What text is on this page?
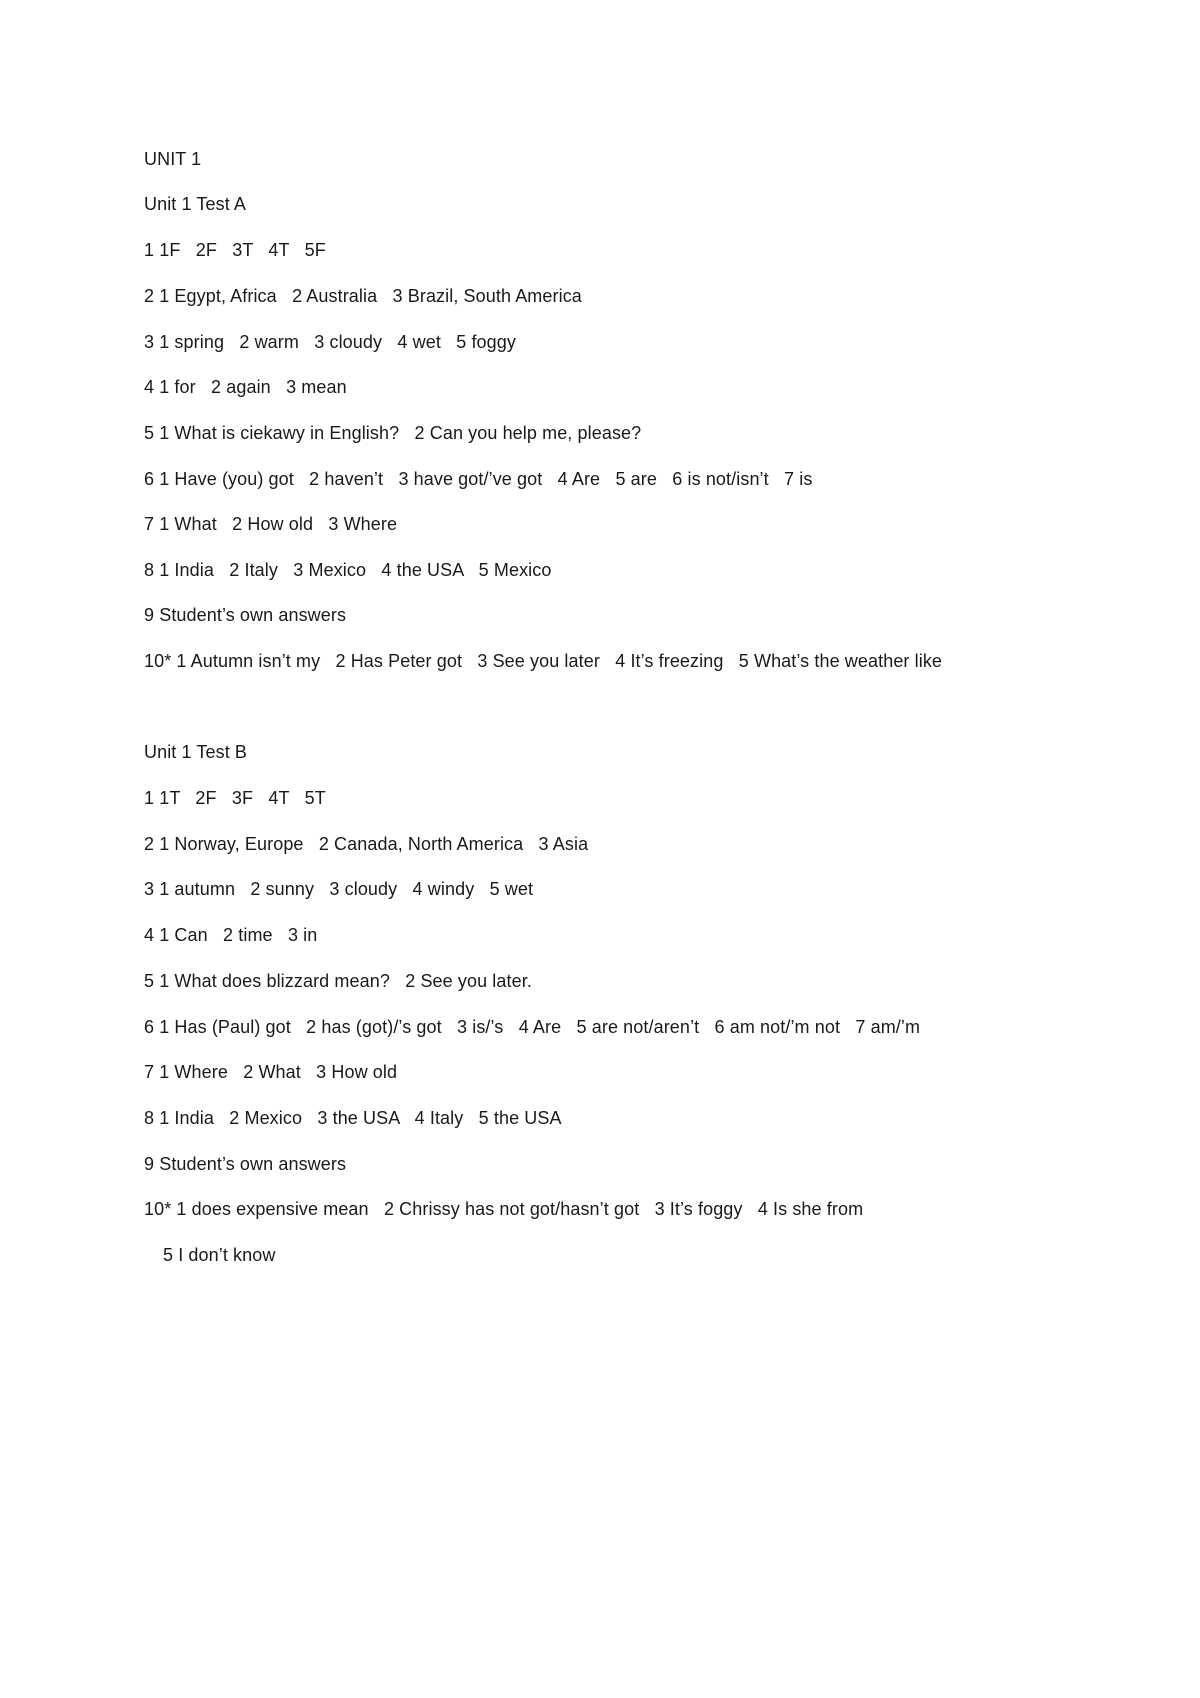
UNIT 1
Unit 1 Test A
1 1F   2F   3T   4T   5F
2 1 Egypt, Africa   2 Australia   3 Brazil, South America
3 1 spring   2 warm   3 cloudy   4 wet   5 foggy
4 1 for   2 again   3 mean
5 1 What is ciekawy in English?   2 Can you help me, please?
6 1 Have (you) got   2 haven’t   3 have got/’ve got   4 Are   5 are   6 is not/isn’t   7 is
7 1 What   2 How old   3 Where
8 1 India   2 Italy   3 Mexico   4 the USA   5 Mexico
9 Student’s own answers
10* 1 Autumn isn’t my   2 Has Peter got   3 See you later   4 It’s freezing   5 What’s the weather like
Unit 1 Test B
1 1T   2F   3F   4T   5T
2 1 Norway, Europe   2 Canada, North America   3 Asia
3 1 autumn   2 sunny   3 cloudy   4 windy   5 wet
4 1 Can   2 time   3 in
5 1 What does blizzard mean?   2 See you later.
6 1 Has (Paul) got   2 has (got)/’s got   3 is/’s   4 Are   5 are not/aren’t   6 am not/’m not   7 am/’m
7 1 Where   2 What   3 How old
8 1 India   2 Mexico   3 the USA   4 Italy   5 the USA
9 Student’s own answers
10* 1 does expensive mean   2 Chrissy has not got/hasn’t got   3 It’s foggy   4 Is she from
5 I don’t know
